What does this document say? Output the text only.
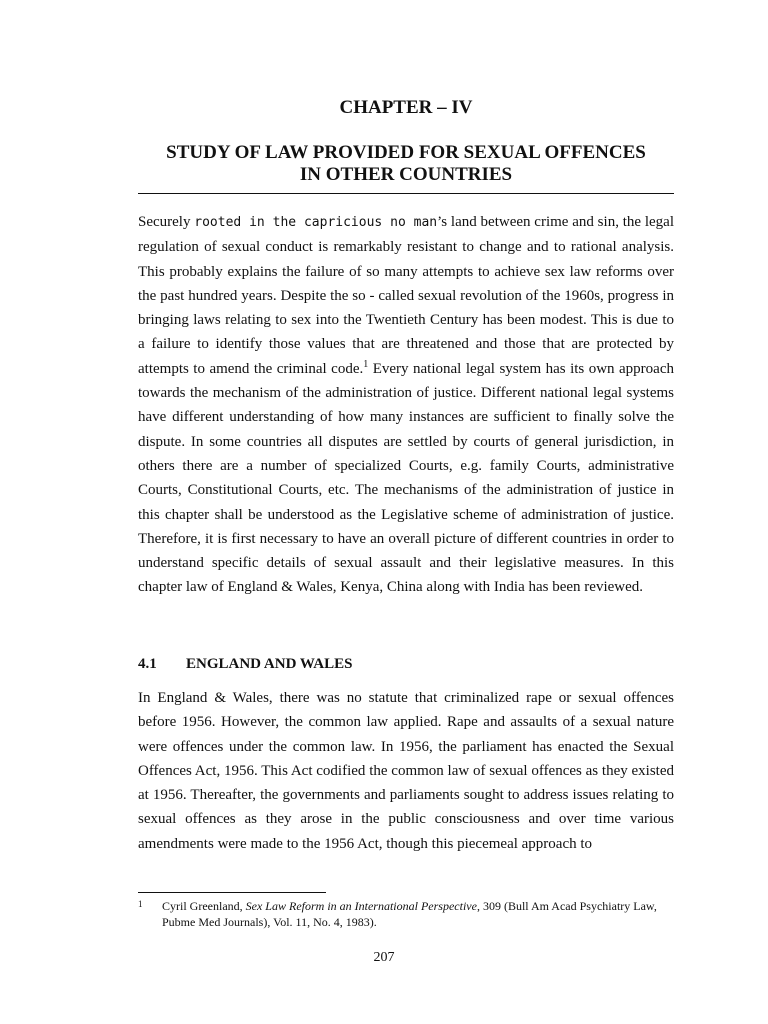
CHAPTER – IV
STUDY OF LAW PROVIDED FOR SEXUAL OFFENCES
IN OTHER COUNTRIES

Securely rooted in the capricious no man’s land between crime and sin, the legal regulation of sexual conduct is remarkably resistant to change and to rational analysis. This probably explains the failure of so many attempts to achieve sex law reforms over the past hundred years. Despite the so - called sexual revolution of the 1960s, progress in bringing laws relating to sex into the Twentieth Century has been modest. This is due to a failure to identify those values that are threatened and those that are protected by attempts to amend the criminal code.$^1$ Every national legal system has its own approach towards the mechanism of the administration of justice. Different national legal systems have different understanding of how many instances are sufficient to finally solve the dispute. In some countries all disputes are settled by courts of general jurisdiction, in others there are a number of specialized Courts, e.g. family Courts, administrative Courts, Constitutional Courts, etc. The mechanisms of the administration of justice in this chapter shall be understood as the Legislative scheme of administration of justice. Therefore, it is first necessary to have an overall picture of different countries in order to understand specific details of sexual assault and their legislative measures. In this chapter law of England & Wales, Kenya, China along with India has been reviewed.

4.1 ENGLAND AND WALES

In England & Wales, there was no statute that criminalized rape or sexual offences before 1956. However, the common law applied. Rape and assaults of a sexual nature were offences under the common law. In 1956, the parliament has enacted the Sexual Offences Act, 1956. This Act codified the common law of sexual offences as they existed at 1956. Thereafter, the governments and parliaments sought to address issues relating to sexual offences as they arose in the public consciousness and over time various amendments were made to the 1956 Act, though this piecemeal approach to

1 Cyril Greenland, Sex Law Reform in an International Perspective, 309 (Bull Am Acad Psychiatry Law, Pubme Med Journals), Vol. 11, No. 4, 1983).
207
